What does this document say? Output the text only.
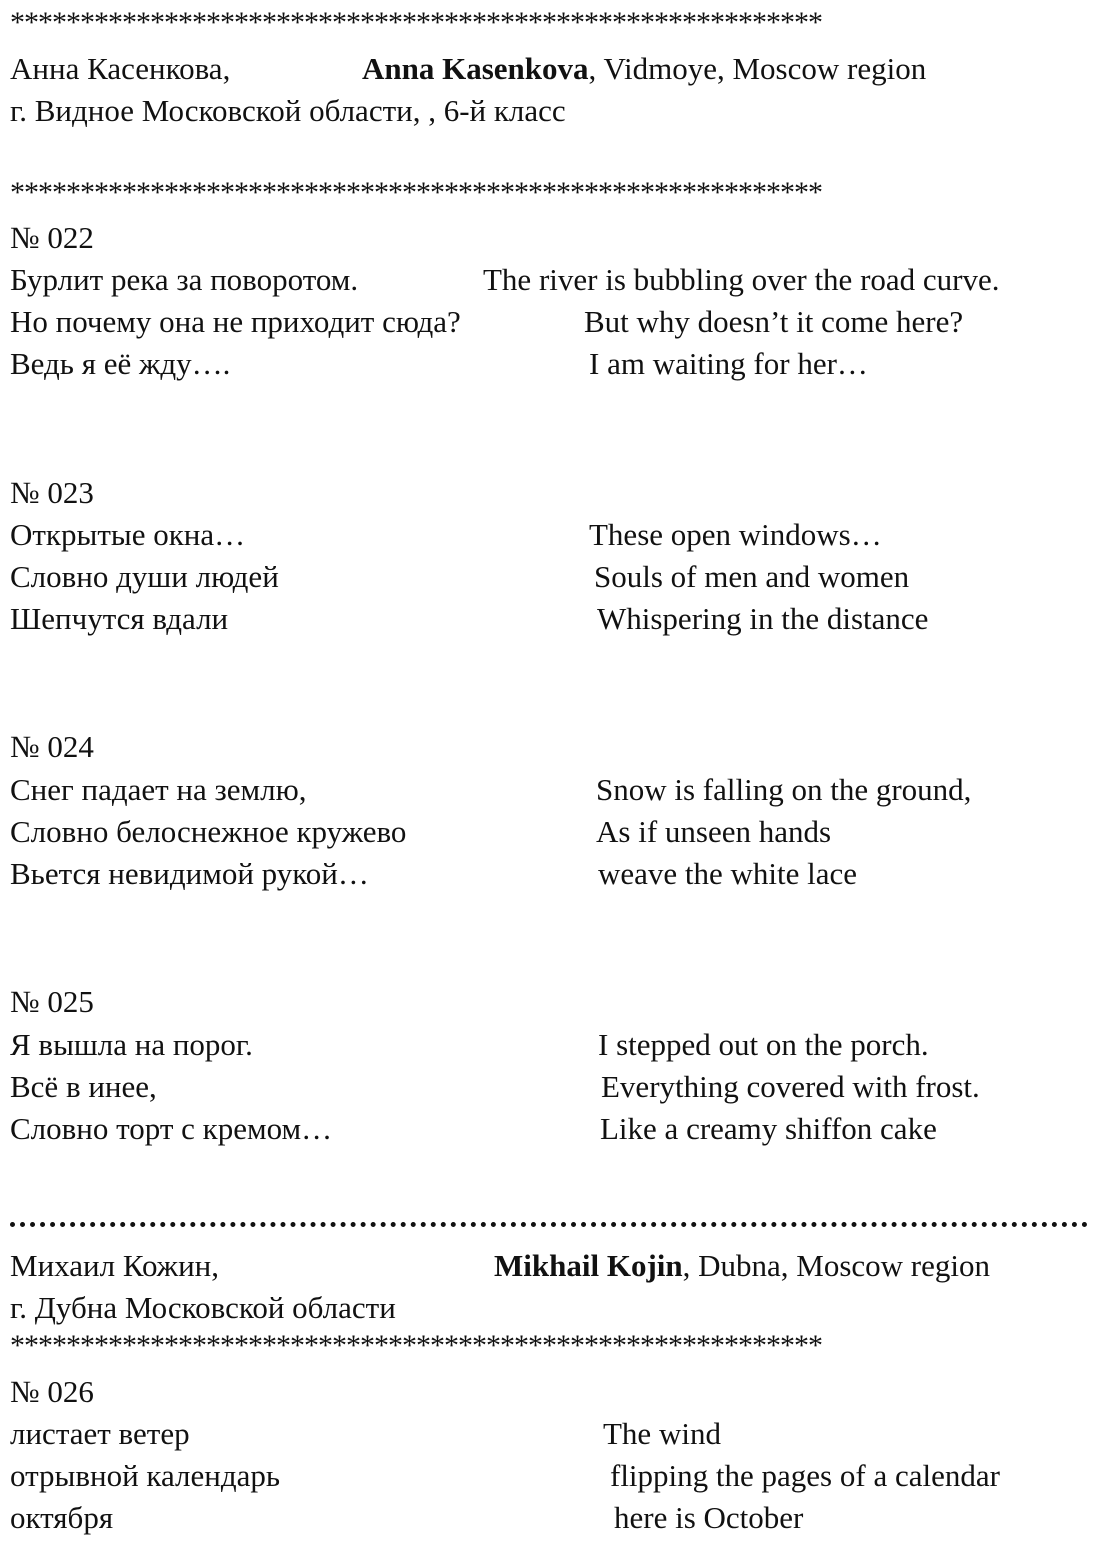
**********************************************************
Анна Касенкова,	Anna Kasenkova, Vidmoye, Moscow region
г. Видное Московской области, , 6-й класс
**********************************************************
№ 022
Бурлит река за поворотом.
Но почему она не приходит сюда?
Ведь я её жду….
The river is bubbling over the road curve.
But why doesn’t it come here?
I am waiting for her…
№ 023
Открытые окна…
Словно души людей
Шепчутся вдали
These open windows…
Souls of men and women
Whispering in the distance
№ 024
Снег падает на землю,
Словно белоснежное кружево
Вьется невидимой рукой…
Snow is falling on the ground,
As if unseen hands
weave the white lace
№ 025
Я вышла на порог.
Всё в инее,
Словно торт с кремом…
I stepped out on the porch.
Everything covered with frost.
Like a creamy shiffon cake
Михаил Кожин,	Mikhail Kojin, Dubna, Moscow region
г. Дубна Московской области
**********************************************************
№ 026
листает ветер
отрывной календарь
октября
The wind
flipping the pages of a calendar
here is October
